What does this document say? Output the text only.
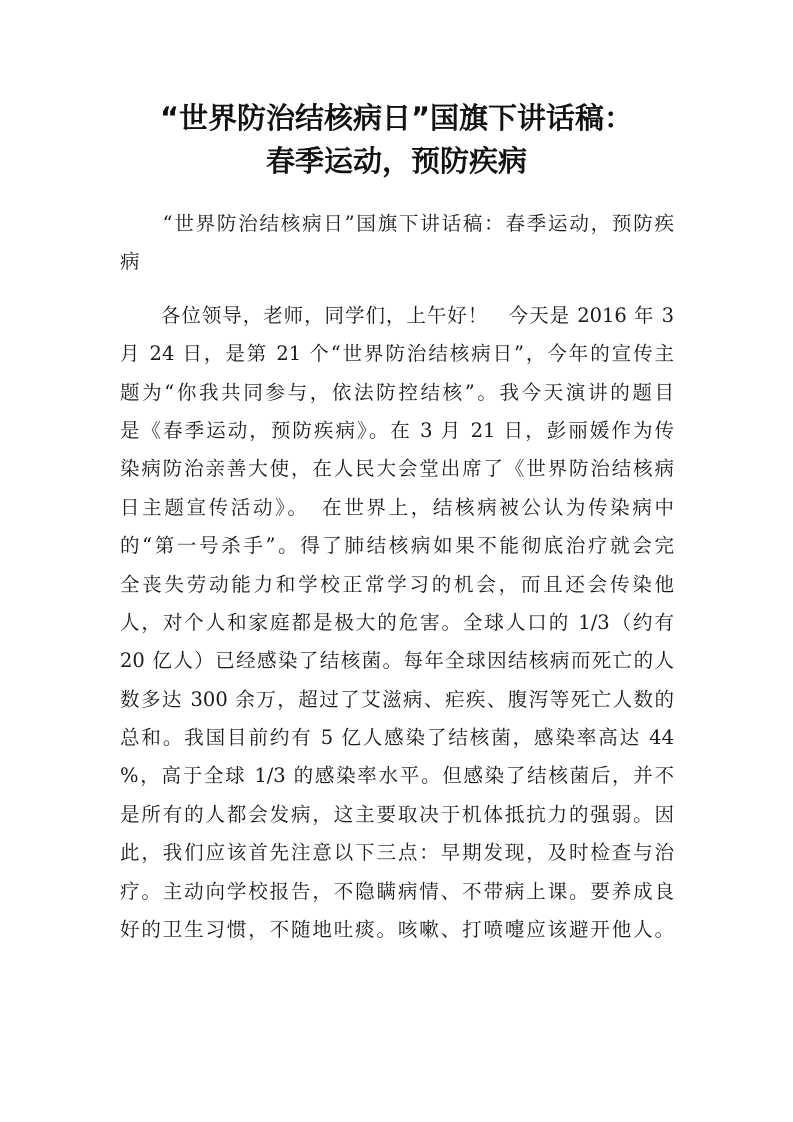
“世界防治结核病日”国旗下讲话稿：
春季运动，预防疾病
　　“世界防治结核病日”国旗下讲话稿：春季运动，预防疾
病
　　各位领导，老师，同学们，上午好！　今天是 2016 年 3
月 24 日，是第 21 个“世界防治结核病日”，今年的宣传主
题为“你我共同参与，依法防控结核”。我今天演讲的题目
是《春季运动，预防疾病》。在 3 月 21 日，彭丽媛作为传
染病防治亲善大使，在人民大会堂出席了《世界防治结核病
日主题宣传活动》。　在世界上，结核病被公认为传染病中
的“第一号杀手”。得了肺结核病如果不能彻底治疗就会完
全丧失劳动能力和学校正常学习的机会，而且还会传染他
人，对个人和家庭都是极大的危害。全球人口的 1/3（约有
20 亿人）已经感染了结核菌。每年全球因结核病而死亡的人
数多达 300 余万，超过了艾滋病、疟疾、腹泻等死亡人数的
总和。我国目前约有 5 亿人感染了结核菌，感染率高达 44
%，高于全球 1/3 的感染率水平。但感染了结核菌后，并不
是所有的人都会发病，这主要取决于机体抵抗力的强弱。因
此，我们应该首先注意以下三点：早期发现，及时检查与治
疗。主动向学校报告，不隐瞒病情、不带病上课。要养成良
好的卫生习惯，不随地吐痰。咳嗽、打喷嚏应该避开他人。
